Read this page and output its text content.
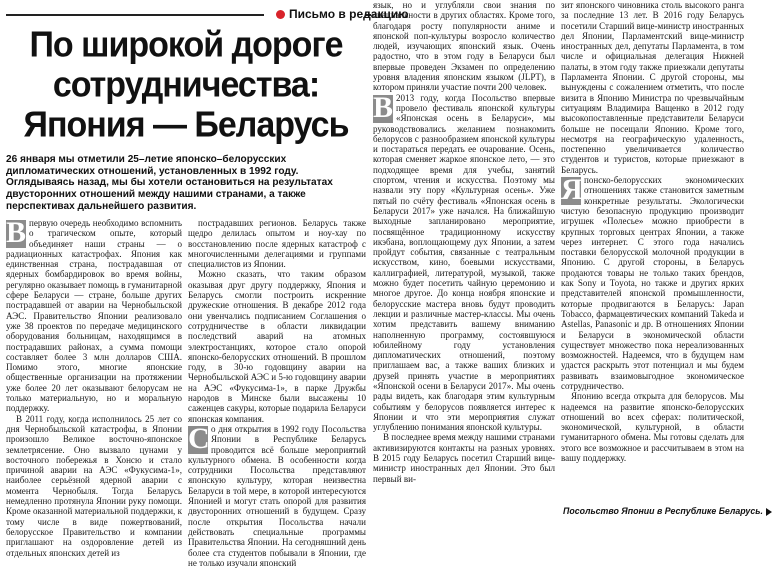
Письмо в редакцию
По широкой дороге
сотрудничества:
Япония — Беларусь
26 января мы отметили 25–летие японско–белорусских дипломатических отношений, установленных в 1992 году. Оглядываясь назад, мы бы хотели остановиться на результатах двусторонних отношений между нашими странами, а также перспективах дальнейшего развития.

В первую очередь необходимо вспомнить о трагическом опыте, который объединяет наши страны — о радиационных катастрофах. Япония как единственная страна, пострадавшая от ядерных бомбардировок во время войны, регулярно оказывает помощь в гуманитарной сфере Беларуси — стране, больше других пострадавшей от аварии на Чернобыльской АЭС. Правительство Японии реализовало уже 38 проектов по передаче медицинского оборудования больницам, находящимся в пострадавших районах, а сумма помощи составляет более 3 млн долларов США. Помимо этого, многие японские общественные организации на протяжении уже более 20 лет оказывают белорусам не только материальную, но и моральную поддержку.

В 2011 году, когда исполнилось 25 лет со дня Чернобыльской катастрофы, в Японии произошло Великое восточно-японское землетрясение. Оно вызвало цунами у восточного побережья в Хонсю и стало причиной аварии на АЭС «Фукусима-1», наиболее серьёзной ядерной аварии с момента Чернобыля. Тогда Беларусь немедленно протянула Японии руку помощи. Кроме оказанной материальной поддержки, к тому числе в виде пожертвований, белорусское Правительство и компании приглашают на оздоровление детей из отдельных японских детей из

пострадавших регионов. Беларусь также щедро делилась опытом и ноу-хау по восстановлению после ядерных катастроф с многочисленными делегациями и группами специалистов из Японии.

Можно сказать, что таким образом оказывая друг другу поддержку, Япония и Беларусь смогли построить искренние дружеские отношения. В декабре 2012 года они увенчались подписанием Соглашения о сотрудничестве в области ликвидации последствий аварий на атомных электростанциях, которое стало опорой японско-белорусских отношений. В прошлом году, в 30-ю годовщину аварии на Чернобыльской АЭС и 5-ю годовщину аварии на АЭС «Фукусима-1», в парке Дружбы народов в Минске были высажены 10 саженцев сакуры, которые подарила Беларуси японская компания.

С о дня открытия в 1992 году Посольства Японии в Республике Беларусь проводится всё больше мероприятий культурного обмена. В особенности когда сотрудники Посольства представляют японскую культуру, которая неизвестна Беларуси в той мере, в которой интересуются Японией и могут стать опорой для развития двусторонних отношений в будущем. Сразу после открытия Посольства начали действовать специальные программы Правительства Японии. На сегодняшний день более ста студентов побывали в Японии, где не только изучали японский

язык, но и углубляли свои знания по специальности в других областях. Кроме того, благодаря росту популярности аниме и японской поп-культуры возросло количество людей, изучающих японский язык. Очень радостно, что в этом году в Беларуси был впервые проведен Экзамен по определению уровня владения японским языком (JLPT), в котором приняли участие почти 200 человек.

В 2013 году, когда Посольство впервые провело фестиваль японской культуры «Японская осень в Беларуси», мы руководствовались желанием познакомить белорусов с разнообразием японской культуры и постараться передать ее очарование. Осень, которая сменяет жаркое японское лето, — это подходящее время для учебы, занятий спортом, чтения и искусства. Поэтому мы назвали эту пору «Культурная осень». Уже пятый по счёту фестиваль «Японская осень в Беларуси 2017» уже начался. На ближайшую выходные запланировано мероприятие, посвящённое традиционному искусству икэбана, воплощающему дух Японии, а затем пройдут события, связанные с театральным искусством, кино, боевыми искусствами, каллиграфией, литературой, музыкой, также можно будет посетить чайную церемонию и многое другое. До конца ноября японские и белорусские мастера вновь будут проводить лекции и различные мастер-классы. Мы очень хотим представить вашему вниманию наполненную программу, состоявшуюся юбилейному году установления дипломатических отношений, поэтому приглашаем вас, а также ваших близких и друзей принять участие в мероприятиях «Японской осени в Беларуси 2017». Мы очень рады видеть, как благодаря этим культурным событиям у белорусов появляется интерес к Японии и что эти мероприятия служат углублению понимания японской культуры.

В последнее время между нашими странами активизируются контакты на разных уровнях. В 2015 году Беларусь посетил Старший вице-министр иностранных дел Японии. Это был первый ви-

зит японского чиновника столь высокого ранга за последние 13 лет. В 2016 году Беларусь посетили Старший вице-министр иностранных дел Японии, Парламентский вице-министр иностранных дел, депутаты Парламента, в том числе и официальная делегация Нижней палаты, в этом году также приезжали депутаты Парламента Японии. С другой стороны, мы вынуждены с сожалением отметить, что после визита в Японию Министра по чрезвычайным ситуациям Владимира Ващенко в 2012 году высокопоставленные представители Беларуси больше не посещали Японию. Кроме того, несмотря на географическую удаленность, постепенно увеличивается количество студентов и туристов, которые приезжают в Беларусь.

Я понско-белорусских экономических отношениях также становится заметным конкретные результаты. Экологически чистую безопасную продукцию производит игрушек «Полесье» можно приобрести в крупных торговых центрах Японии, а также через интернет. С этого года начались поставки белорусской молочной продукции в Японию. С другой стороны, в Беларусь продаются товары не только таких брендов, как Sony и Toyota, но также и других ярких представителей японской промышленности, которые продвигаются в Беларусь: Japan Tobacco, фармацевтических компаний Takeda и Astellas, Panasonic и др. В отношениях Японии и Беларуси в экономической области существует множество пока нереализованных возможностей. Надеемся, что в будущем нам удастся раскрыть этот потенциал и мы будем развивать взаимовыгодное экономическое сотрудничество.

Японию всегда открыта для белорусов. Мы надеемся на развитие японско-белорусских отношений во всех сферах: политической, экономической, культурной, в области гуманитарного обмена. Мы готовы сделать для этого все возможное и рассчитываем в этом на вашу поддержку.

Посольство Японии в Республике Беларусь.
